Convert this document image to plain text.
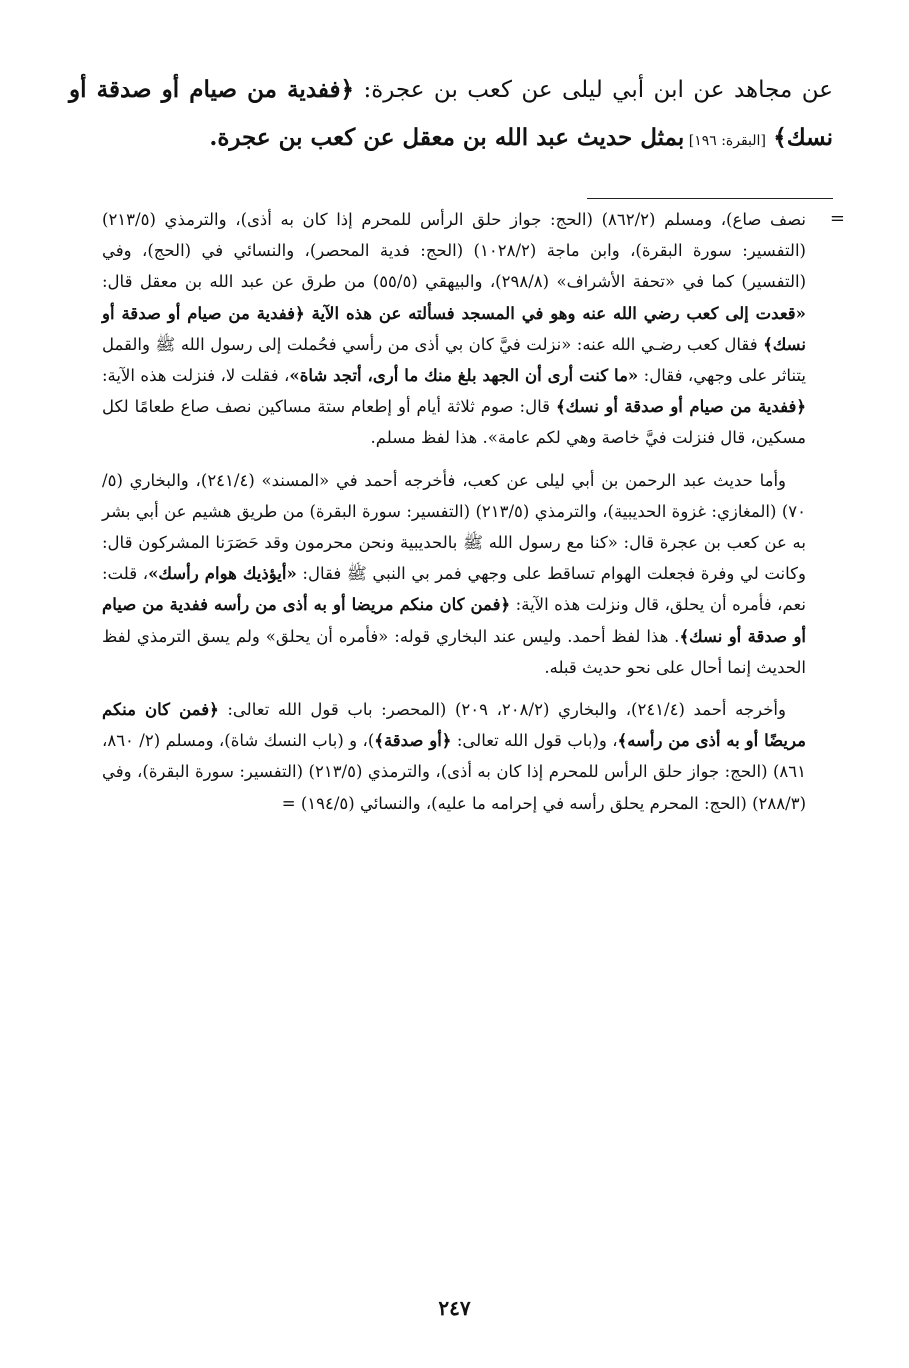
عن مجاهد عن ابن أبي ليلى عن كعب بن عجرة: ﴿ففدية من صيام أو صدقة أو نسك﴾ [البقرة: ١٩٦] بمثل حديث عبد الله بن معقل عن كعب بن عجرة.
=

نصف صاع)، ومسلم (٨٦٢/٢) (الحج: جواز حلق الرأس للمحرم إذا كان به أذى)، والترمذي (٢١٣/٥) (التفسير: سورة البقرة)، وابن ماجة (١٠٢٨/٢) (الحج: فدية المحصر)، والنسائي في (الحج)، وفي (التفسير) كما في «تحفة الأشراف» (٢٩٨/٨)، والبيهقي (٥٥/٥) من طرق عن عبد الله بن معقل قال: «قعدت إلى كعب رضي الله عنه وهو في المسجد فسألته عن هذه الآية ﴿ففدية من صيام أو صدقة أو نسك﴾ فقال كعب رضـي الله عنه: «نزلت فيَّ كان بي أذى من رأسي فحُملت إلى رسول الله ﷺ والقمل يتناثر على وجهي، فقال: «ما كنت أرى أن الجهد بلغ منك ما أرى، أتجد شاة»، فقلت لا، فنزلت هذه الآية: ﴿ففدية من صيام أو صدقة أو نسك﴾ قال: صوم ثلاثة أيام أو إطعام ستة مساكين نصف صاع طعامًا لكل مسكين، قال فنزلت فيَّ خاصة وهي لكم عامة». هذا لفظ مسلم.

وأما حديث عبد الرحمن بن أبي ليلى عن كعب، فأخرجه أحمد في «المسند» (٢٤١/٤)، والبخاري (٥/ ٧٠) (المغازي: غزوة الحديبية)، والترمذي (٢١٣/٥) (التفسير: سورة البقرة) من طريق هشيم عن أبي بشر به عن كعب بن عجرة قال: «كنا مع رسول الله ﷺ بالحديبية ونحن محرمون وقد حَصَرَنا المشركون قال: وكانت لي وفرة فجعلت الهوام تساقط على وجهي فمر بي النبي ﷺ فقال: «أيؤذيك هوام رأسك»، قلت: نعم، فأمره أن يحلق، قال ونزلت هذه الآية: ﴿فمن كان منكم مريضا أو به أذى من رأسه ففدية من صيام أو صدقة أو نسك﴾. هذا لفظ أحمد. وليس عند البخاري قوله: «فأمره أن يحلق» ولم يسق الترمذي لفظ الحديث إنما أحال على نحو حديث قبله.

وأخرجه أحمد (٢٤١/٤)، والبخاري (٢٠٨/٢، ٢٠٩) (المحصر: باب قول الله تعالى: ﴿فمن كان منكم مريضًا أو به أذى من رأسه﴾، و(باب قول الله تعالى: ﴿أو صدقة﴾)، و (باب النسك شاة)، ومسلم (٢/ ٨٦٠، ٨٦١) (الحج: جواز حلق الرأس للمحرم إذا كان به أذى)، والترمذي (٢١٣/٥) (التفسير: سورة البقرة)، وفي (٢٨٨/٣) (الحج: المحرم يحلق رأسه في إحرامه ما عليه)، والنسائي (١٩٤/٥) =

٢٤٧
